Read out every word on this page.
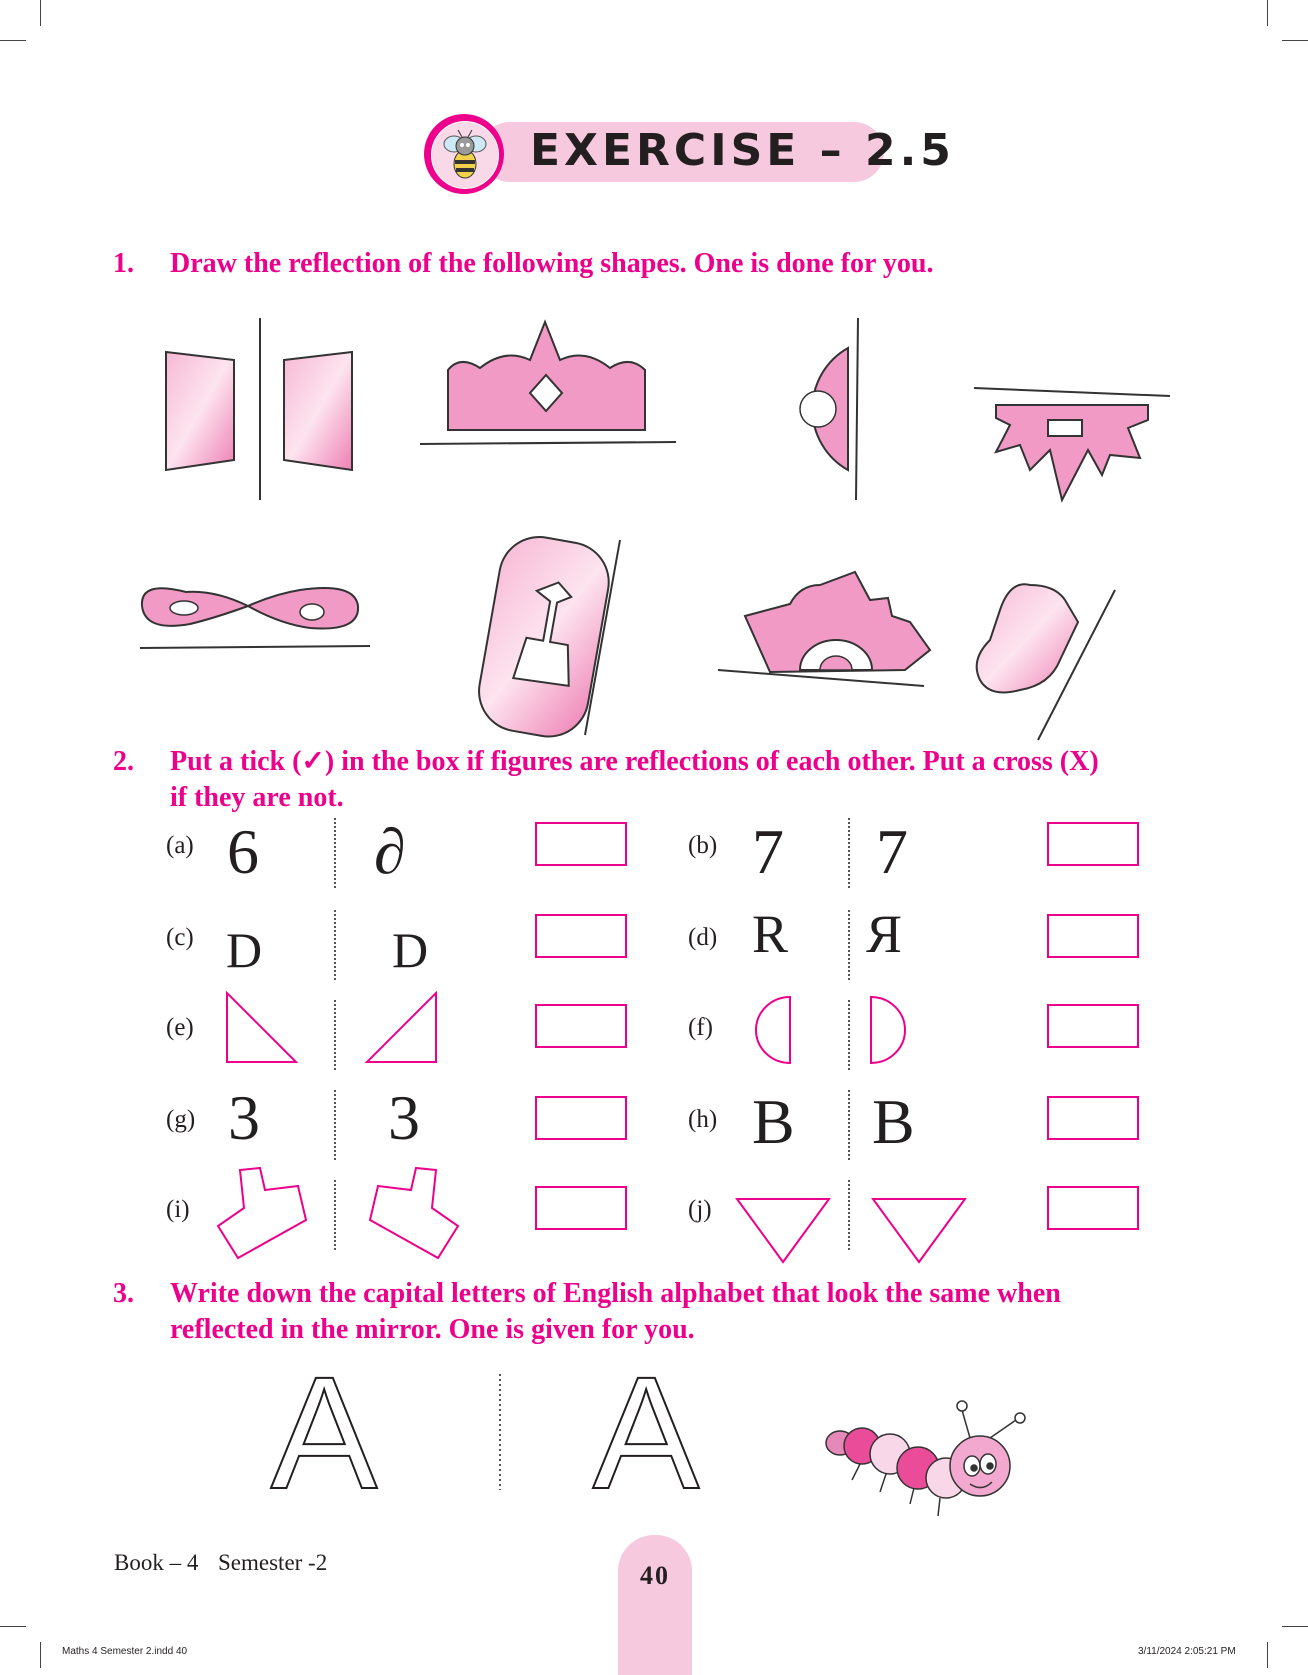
EXERCISE – 2.5
1. Draw the reflection of the following shapes. One is done for you.
2. Put a tick (✓) in the box if figures are reflections of each other. Put a cross (X)
if they are not.
(a) 6 ∂	(b) 7 7
(c) D	D	(d) R Я
(e)	(f)
(g) 3 3	(h) B B
(i)	(j)
3. Write down the capital letters of English alphabet that look the same when
reflected in the mirror. One is given for you.
A A
Book – 4 Semester -2	40
Maths 4 Semester 2.indd 40	3/11/2024 2:05:21 PM
